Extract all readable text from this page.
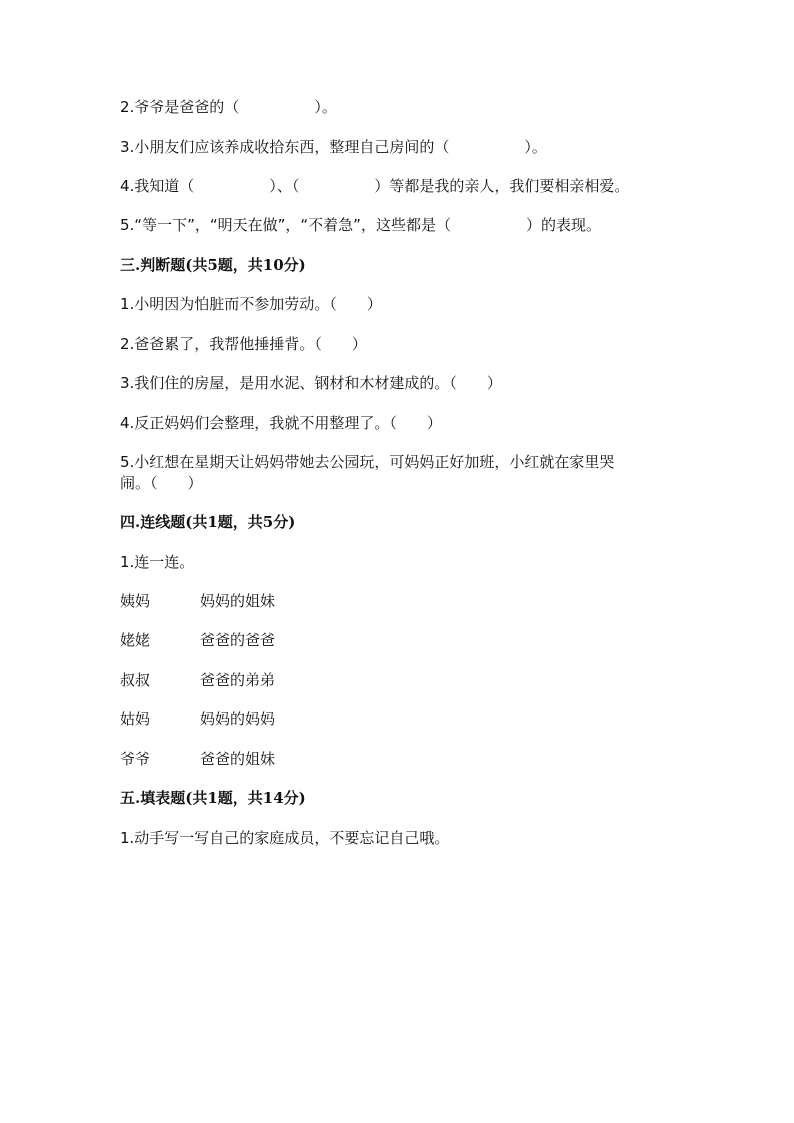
2.爷爷是爸爸的（　　　　　）。
3.小朋友们应该养成收拾东西，整理自己房间的（　　　　　）。
4.我知道（　　　　　）、（　　　　　）等都是我的亲人，我们要相亲相爱。
5.“等一下”，“明天在做”，“不着急”，这些都是（　　　　　）的表现。
三.判断题(共5题，共10分)
1.小明因为怕脏而不参加劳动。（　　）
2.爸爸累了，我帮他捶捶背。（　　）
3.我们住的房屋，是用水泥、钢材和木材建成的。（　　）
4.反正妈妈们会整理，我就不用整理了。（　　）
5.小红想在星期天让妈妈带她去公园玩，可妈妈正好加班，小红就在家里哭
闹。（　　）
四.连线题(共1题，共5分)
1.连一连。
姨妈	妈妈的姐妹
姥姥	爸爸的爸爸
叔叔	爸爸的弟弟
姑妈	妈妈的妈妈
爷爷	爸爸的姐妹
五.填表题(共1题，共14分)
1.动手写一写自己的家庭成员，不要忘记自己哦。
